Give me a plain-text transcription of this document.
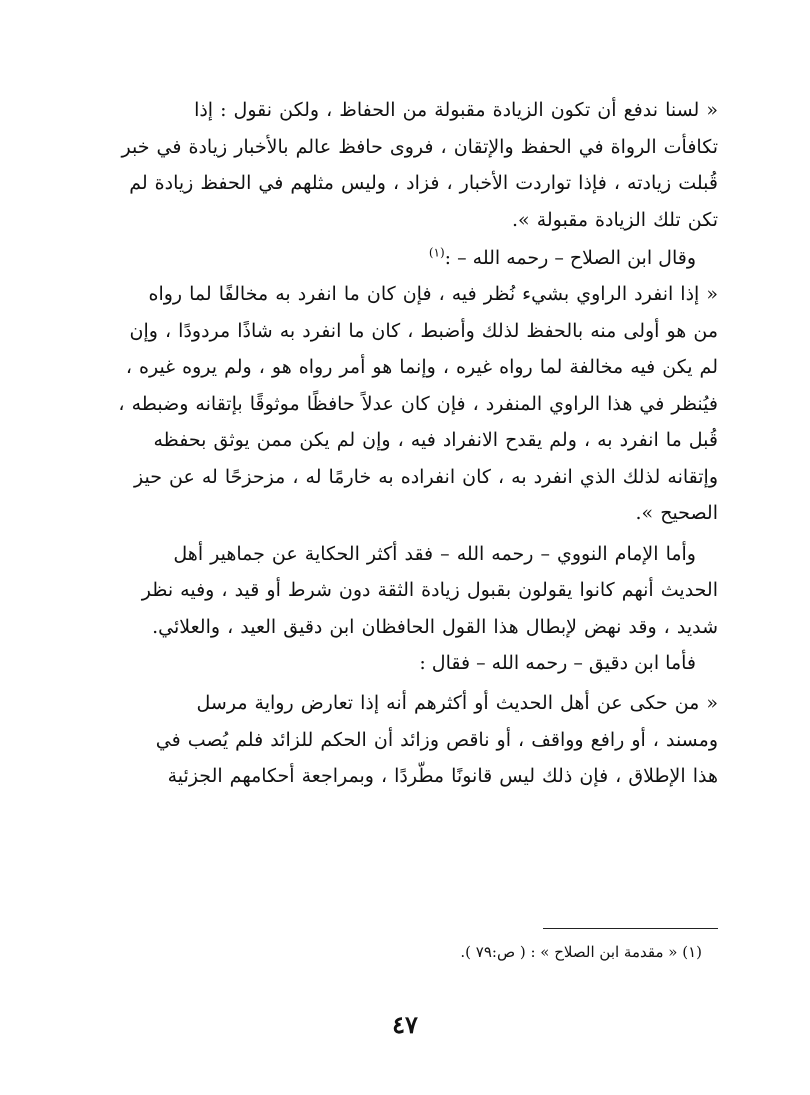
« لسنا ندفع أن تكون الزيادة مقبولة من الحفاظ ، ولكن نقول : إذا

تكافأت الرواة في الحفظ والإتقان ، فروى حافظ عالم بالأخبار زيادة في خبر

قُبلت زيادته ، فإذا تواردت الأخبار ، فزاد ، وليس مثلهم في الحفظ زيادة لم

تكن تلك الزيادة مقبولة ».

وقال ابن الصلاح – رحمه الله – :$^{(١)}$

« إذا انفرد الراوي بشيء نُظر فيه ، فإن كان ما انفرد به مخالفًا لما رواه

من هو أولى منه بالحفظ لذلك وأضبط ، كان ما انفرد به شاذًا مردودًا ، وإن

لم يكن فيه مخالفة لما رواه غيره ، وإنما هو أمر رواه هو ، ولم يروه غيره ،

فيُنظر في هذا الراوي المنفرد ، فإن كان عدلاً حافظًا موثوقًا بإتقانه وضبطه ،

قُبل ما انفرد به ، ولم يقدح الانفراد فيه ، وإن لم يكن ممن يوثق بحفظه

وإتقانه لذلك الذي انفرد به ، كان انفراده به خارمًا له ، مزحزحًا له عن حيز

الصحيح ».

وأما الإمام النووي – رحمه الله – فقد أكثر الحكاية عن جماهير أهل

الحديث أنهم كانوا يقولون بقبول زيادة الثقة دون شرط أو قيد ، وفيه نظر

شديد ، وقد نهض لإبطال هذا القول الحافظان ابن دقيق العيد ، والعلائي.

فأما ابن دقيق – رحمه الله – فقال :

« من حكى عن أهل الحديث أو أكثرهم أنه إذا تعارض رواية مرسل

ومسند ، أو رافع وواقف ، أو ناقص وزائد أن الحكم للزائد فلم يُصب في

هذا الإطلاق ، فإن ذلك ليس قانونًا مطّردًا ، وبمراجعة أحكامهم الجزئية

(١) « مقدمة ابن الصلاح » : ( ص:٧٩ ).

٤٧
